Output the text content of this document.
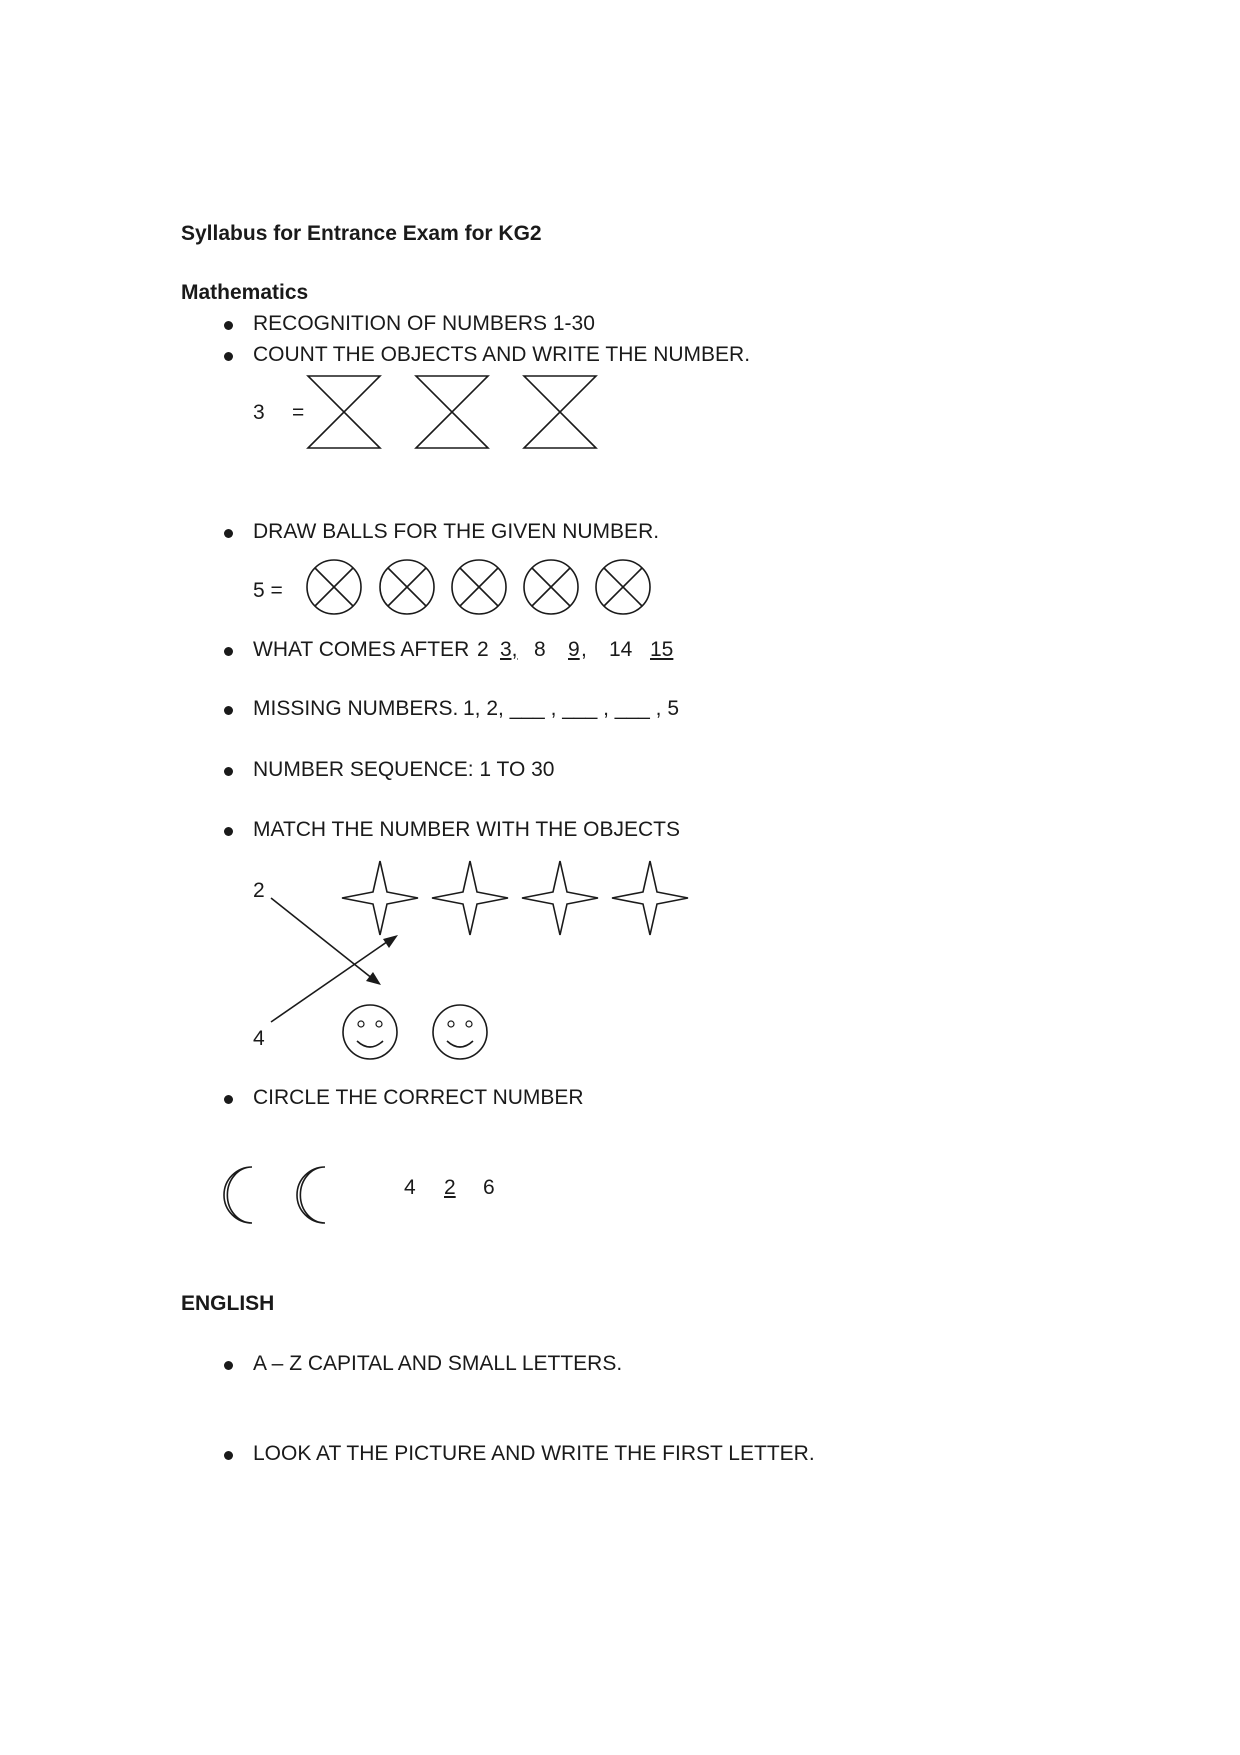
Syllabus for Entrance Exam for KG2
Mathematics
RECOGNITION OF NUMBERS 1-30
COUNT THE OBJECTS AND WRITE THE NUMBER.
3 =
DRAW BALLS FOR THE GIVEN NUMBER.
5 =
WHAT COMES AFTER 2 3, 8 9 , 14 15
MISSING NUMBERS. 1, 2, ___ , ___ , ___ , 5
NUMBER SEQUENCE: 1 TO 30
MATCH THE NUMBER WITH THE OBJECTS
2
4
CIRCLE THE CORRECT NUMBER
4 2 6
ENGLISH
A – Z CAPITAL AND SMALL LETTERS.
LOOK AT THE PICTURE AND WRITE THE FIRST LETTER.
